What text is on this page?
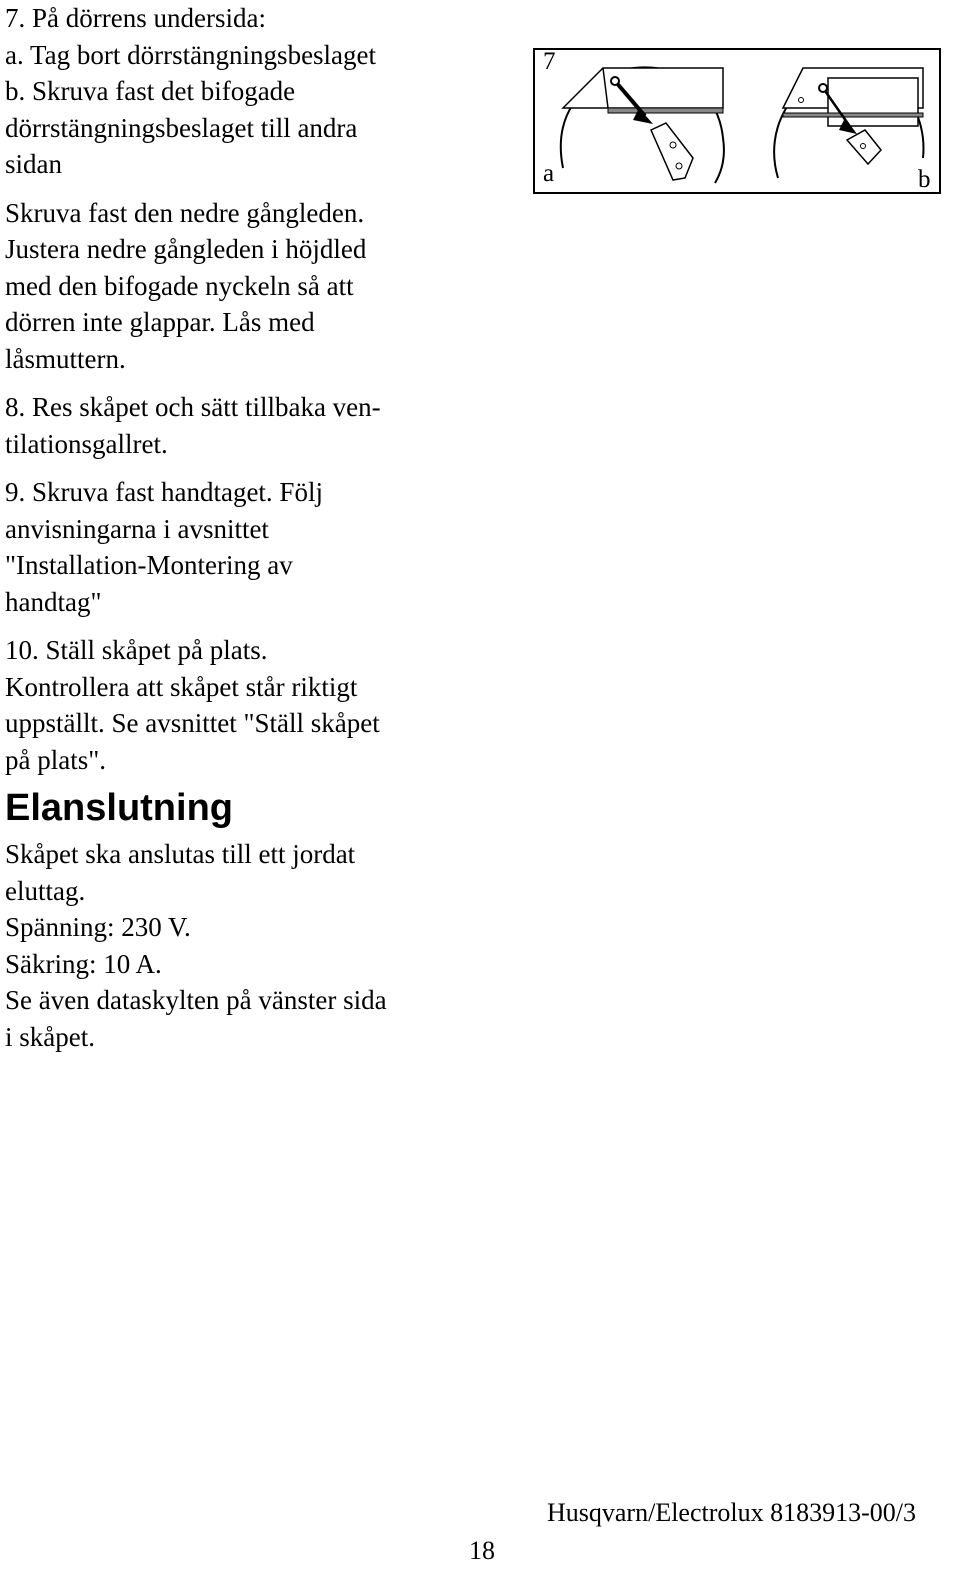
7. På dörrens undersida:

a. Tag bort dörrstängningsbeslaget

b. Skruva fast det bifogade

dörrstängningsbeslaget till andra

sidan

Skruva fast den nedre gångleden.

Justera nedre gångleden i höjdled

med den bifogade nyckeln så att

dörren inte glappar. Lås med

låsmuttern.

8. Res skåpet och sätt tillbaka ven-

tilationsgallret.

9. Skruva fast handtaget. Följ

anvisningarna i avsnittet

"Installation-Montering av

handtag"

10. Ställ skåpet på plats.

Kontrollera att skåpet står riktigt

uppställt. Se avsnittet "Ställ skåpet

på plats".

Elanslutning

Skåpet ska anslutas till ett jordat

eluttag.

Spänning: 230 V.

Säkring: 10 A.

Se även dataskylten på vänster sida

i skåpet.

7
a	b
Husqvarn/Electrolux 8183913-00/3
18
